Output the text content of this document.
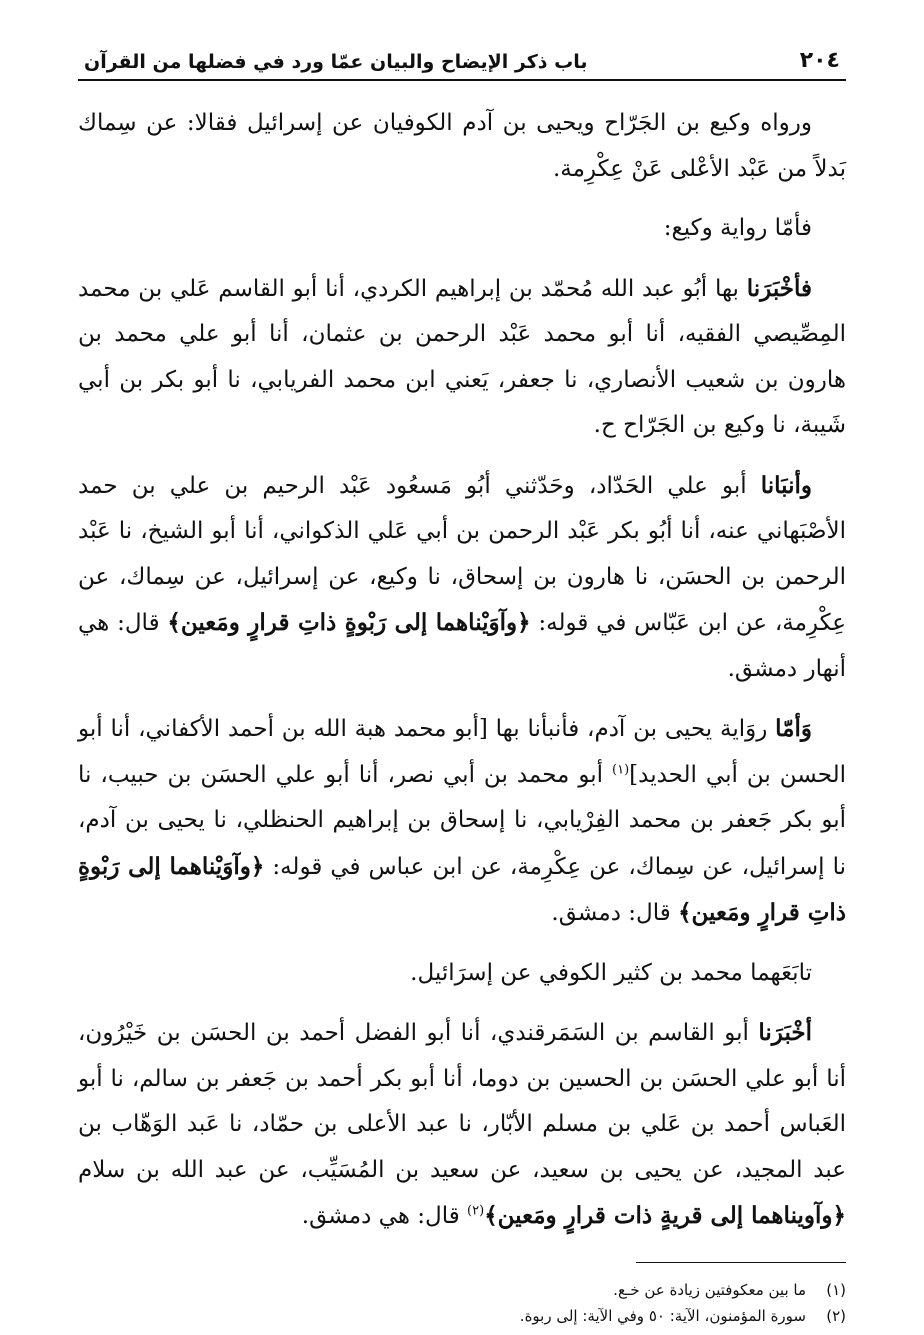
٢٠٤
باب ذكر الإيضاح والبيان عمّا ورد في فضلها من القرآن

ورواه وكيع بن الجَرّاح ويحيى بن آدم الكوفيان عن إسرائيل فقالا: عن سِماك بَدلاً من عَبْد الأعْلى عَنْ عِكْرِمة.

فأمّا رواية وكيع:

فأخْبَرَنا بها أبُو عبد الله مُحمّد بن إبراهيم الكردي، أنا أبو القاسم عَلي بن محمد المِصِّيصي الفقيه، أنا أبو محمد عَبْد الرحمن بن عثمان، أنا أبو علي محمد بن هارون بن شعيب الأنصاري، نا جعفر، يَعني ابن محمد الفريابي، نا أبو بكر بن أبي شَيبة، نا وكيع بن الجَرّاح ح.

وأنبَانا أبو علي الحَدّاد، وحَدّثني أبُو مَسعُود عَبْد الرحيم بن علي بن حمد الأصْبَهاني عنه، أنا أبُو بكر عَبْد الرحمن بن أبي عَلي الذكواني، أنا أبو الشيخ، نا عَبْد الرحمن بن الحسَن، نا هارون بن إسحاق، نا وكيع، عن إسرائيل، عن سِماك، عن عِكْرِمة، عن ابن عَبّاس في قوله: ﴿وآوَيْناهما إلى رَبْوةٍ ذاتِ قرارٍ ومَعين﴾ قال: هي أنهار دمشق.

وَأمّا روَاية يحيى بن آدم، فأنبأنا بها [أبو محمد هبة الله بن أحمد الأكفاني، أنا أبو الحسن بن أبي الحديد]$^{(١)}$ أبو محمد بن أبي نصر، أنا أبو علي الحسَن بن حبيب، نا أبو بكر جَعفر بن محمد الفِرْيابي، نا إسحاق بن إبراهيم الحنظلي، نا يحيى بن آدم، نا إسرائيل، عن سِماك، عن عِكْرِمة، عن ابن عباس في قوله: ﴿وآوَيْناهما إلى رَبْوةٍ ذاتِ قرارٍ ومَعين﴾ قال: دمشق.

تابَعَهما محمد بن كثير الكوفي عن إسرَائيل.

أخْبَرَنا أبو القاسم بن السَمَرقندي، أنا أبو الفضل أحمد بن الحسَن بن خَيْرُون، أنا أبو علي الحسَن بن الحسين بن دوما، أنا أبو بكر أحمد بن جَعفر بن سالم، نا أبو العَباس أحمد بن عَلي بن مسلم الأبّار، نا عبد الأعلى بن حمّاد، نا عَبد الوَهّاب بن عبد المجيد، عن يحيى بن سعيد، عن سعيد بن المُسَيِّب، عن عبد الله بن سلام ﴿وآويناهما إلى قريةٍ ذات قرارٍ ومَعين﴾$^{(٢)}$ قال: هي دمشق.

(١)
ما بين معكوفتين زيادة عن خـع.

(٢)
سورة المؤمنون، الآية: ٥٠ وفي الآية: إلى ربوة.
